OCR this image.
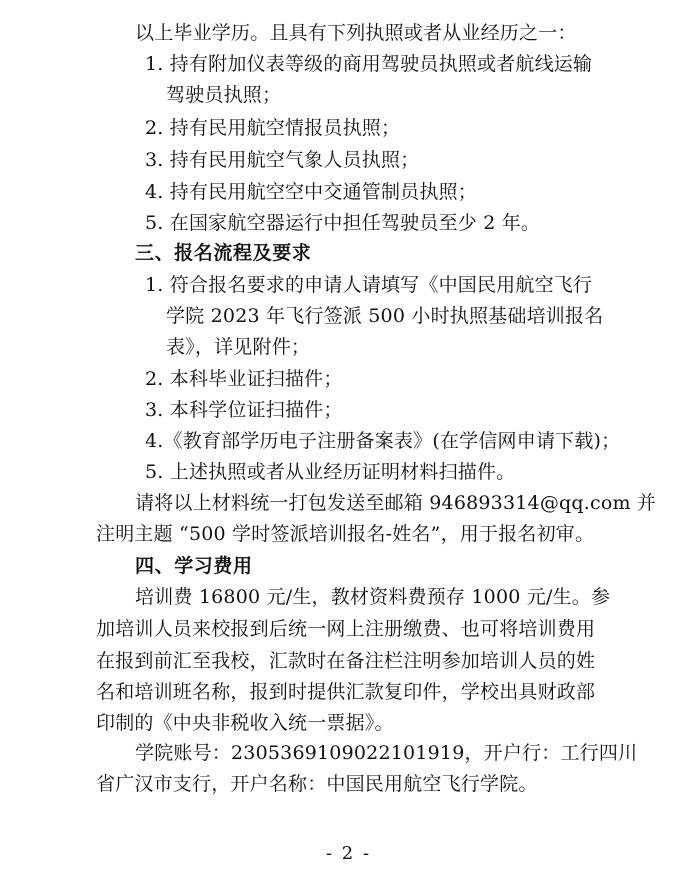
以上毕业学历。且具有下列执照或者从业经历之一：
1. 持有附加仪表等级的商用驾驶员执照或者航线运输
驾驶员执照；
2. 持有民用航空情报员执照；
3. 持有民用航空气象人员执照；
4. 持有民用航空空中交通管制员执照；
5. 在国家航空器运行中担任驾驶员至少 2 年。
三、报名流程及要求
1. 符合报名要求的申请人请填写《中国民用航空飞行
学院 2023 年飞行签派 500 小时执照基础培训报名
表》，详见附件；
2. 本科毕业证扫描件；
3. 本科学位证扫描件；
4.《教育部学历电子注册备案表》(在学信网申请下载)；
5. 上述执照或者从业经历证明材料扫描件。
请将以上材料统一打包发送至邮箱 946893314@qq.com 并
注明主题 “500 学时签派培训报名-姓名”，用于报名初审。
四、学习费用
培训费 16800 元/生，教材资料费预存 1000 元/生。参
加培训人员来校报到后统一网上注册缴费、也可将培训费用
在报到前汇至我校，汇款时在备注栏注明参加培训人员的姓
名和培训班名称，报到时提供汇款复印件，学校出具财政部
印制的《中央非税收入统一票据》。
学院账号：2305369109022101919，开户行：工行四川
省广汉市支行，开户名称：中国民用航空飞行学院。
- 2 -
